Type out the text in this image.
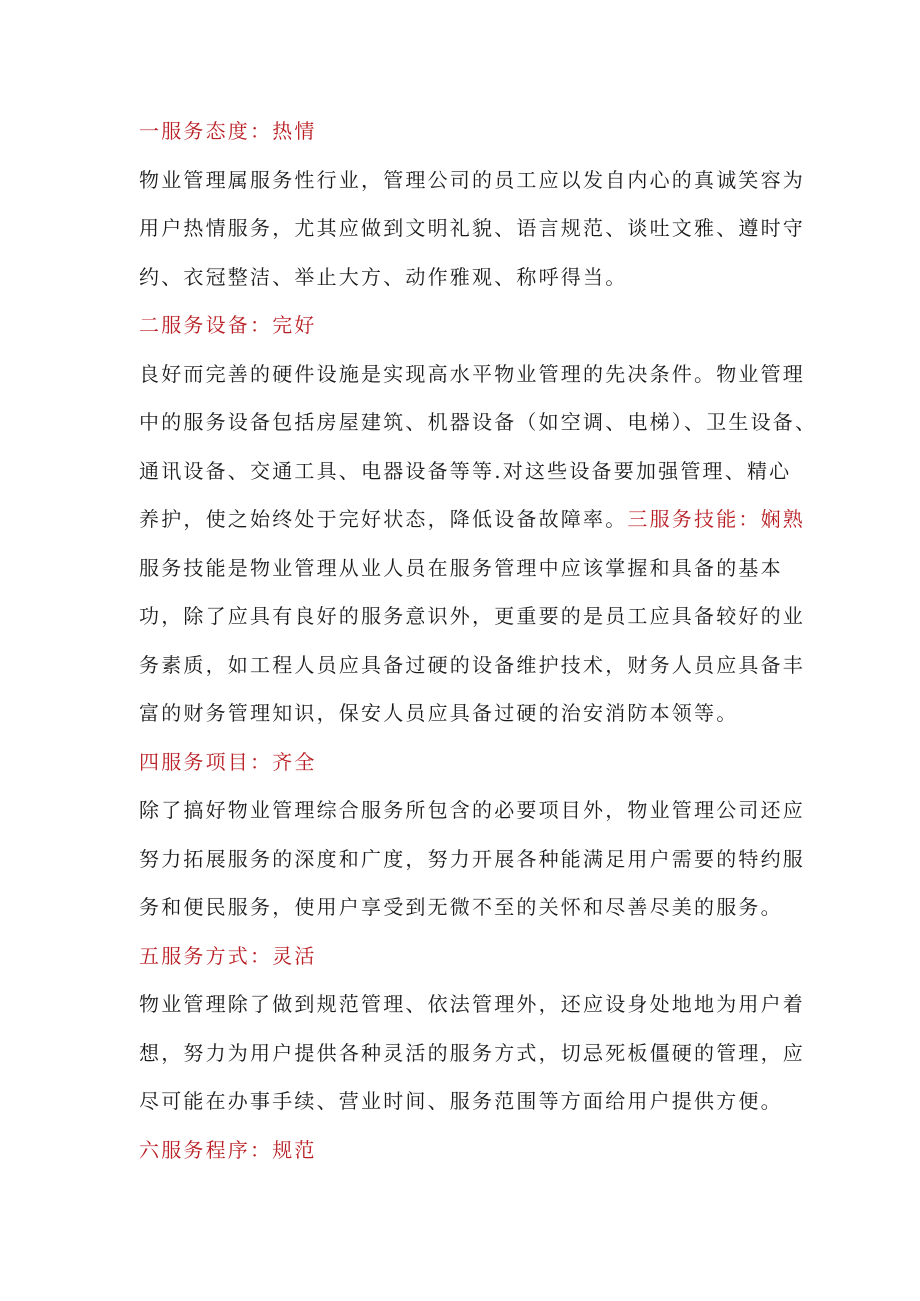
一服务态度：热情

物业管理属服务性行业，管理公司的员工应以发自内心的真诚笑容为

用户热情服务，尤其应做到文明礼貌、语言规范、谈吐文雅、遵时守

约、衣冠整洁、举止大方、动作雅观、称呼得当。

二服务设备：完好

良好而完善的硬件设施是实现高水平物业管理的先决条件。物业管理

中的服务设备包括房屋建筑、机器设备（如空调、电梯）、卫生设备、

通讯设备、交通工具、电器设备等等.对这些设备要加强管理、精心

养护，使之始终处于完好状态，降低设备故障率。三服务技能：娴熟

服务技能是物业管理从业人员在服务管理中应该掌握和具备的基本

功，除了应具有良好的服务意识外，更重要的是员工应具备较好的业

务素质，如工程人员应具备过硬的设备维护技术，财务人员应具备丰

富的财务管理知识，保安人员应具备过硬的治安消防本领等。

四服务项目：齐全

除了搞好物业管理综合服务所包含的必要项目外，物业管理公司还应

努力拓展服务的深度和广度，努力开展各种能满足用户需要的特约服

务和便民服务，使用户享受到无微不至的关怀和尽善尽美的服务。

五服务方式：灵活

物业管理除了做到规范管理、依法管理外，还应设身处地地为用户着

想，努力为用户提供各种灵活的服务方式，切忌死板僵硬的管理，应

尽可能在办事手续、营业时间、服务范围等方面给用户提供方便。

六服务程序：规范
